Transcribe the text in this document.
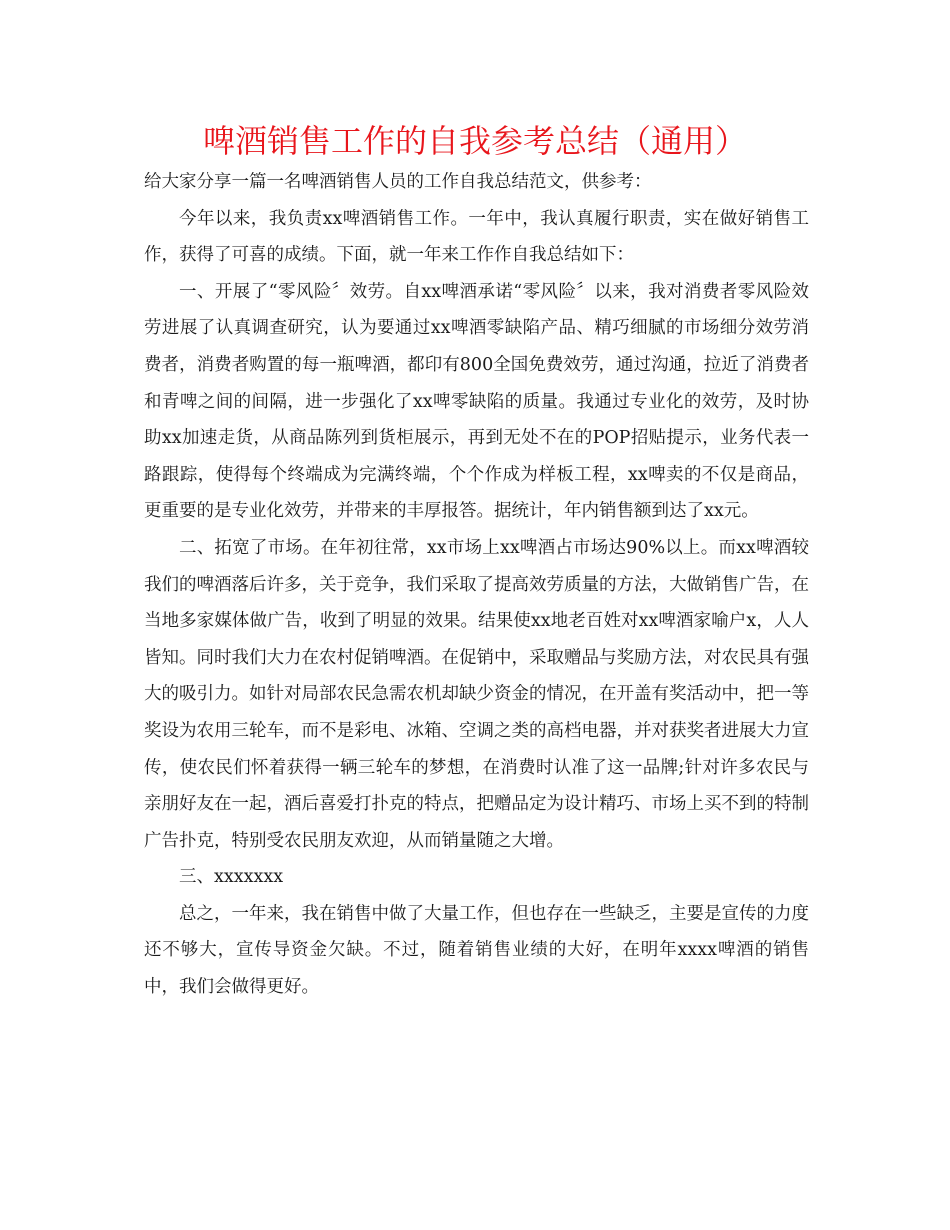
啤酒销售工作的自我参考总结（通用）

给大家分享一篇一名啤酒销售人员的工作自我总结范文，供参考：

今年以来，我负责xx啤酒销售工作。一年中，我认真履行职责，实在做好销售工作，获得了可喜的成绩。下面，就一年来工作作自我总结如下：

一、开展了“零风险〞效劳。自xx啤酒承诺“零风险〞以来，我对消费者零风险效劳进展了认真调查研究，认为要通过xx啤酒零缺陷产品、精巧细腻的市场细分效劳消费者，消费者购置的每一瓶啤酒，都印有800全国免费效劳，通过沟通，拉近了消费者和青啤之间的间隔，进一步强化了xx啤零缺陷的质量。我通过专业化的效劳，及时协助xx加速走货，从商品陈列到货柜展示，再到无处不在的POP招贴提示，业务代表一路跟踪，使得每个终端成为完满终端，个个作成为样板工程，xx啤卖的不仅是商品，更重要的是专业化效劳，并带来的丰厚报答。据统计，年内销售额到达了xx元。

二、拓宽了市场。在年初往常，xx市场上xx啤酒占市场达90%以上。而xx啤酒较我们的啤酒落后许多，关于竞争，我们采取了提高效劳质量的方法，大做销售广告，在当地多家媒体做广告，收到了明显的效果。结果使xx地老百姓对xx啤酒家喻户x，人人皆知。同时我们大力在农村促销啤酒。在促销中，采取赠品与奖励方法，对农民具有强大的吸引力。如针对局部农民急需农机却缺少资金的情况，在开盖有奖活动中，把一等奖设为农用三轮车，而不是彩电、冰箱、空调之类的高档电器，并对获奖者进展大力宣传，使农民们怀着获得一辆三轮车的梦想，在消费时认准了这一品牌;针对许多农民与亲朋好友在一起，酒后喜爱打扑克的特点，把赠品定为设计精巧、市场上买不到的特制广告扑克，特别受农民朋友欢迎，从而销量随之大增。

三、xxxxxxx

总之，一年来，我在销售中做了大量工作，但也存在一些缺乏，主要是宣传的力度还不够大，宣传导资金欠缺。不过，随着销售业绩的大好，在明年xxxx啤酒的销售中，我们会做得更好。
